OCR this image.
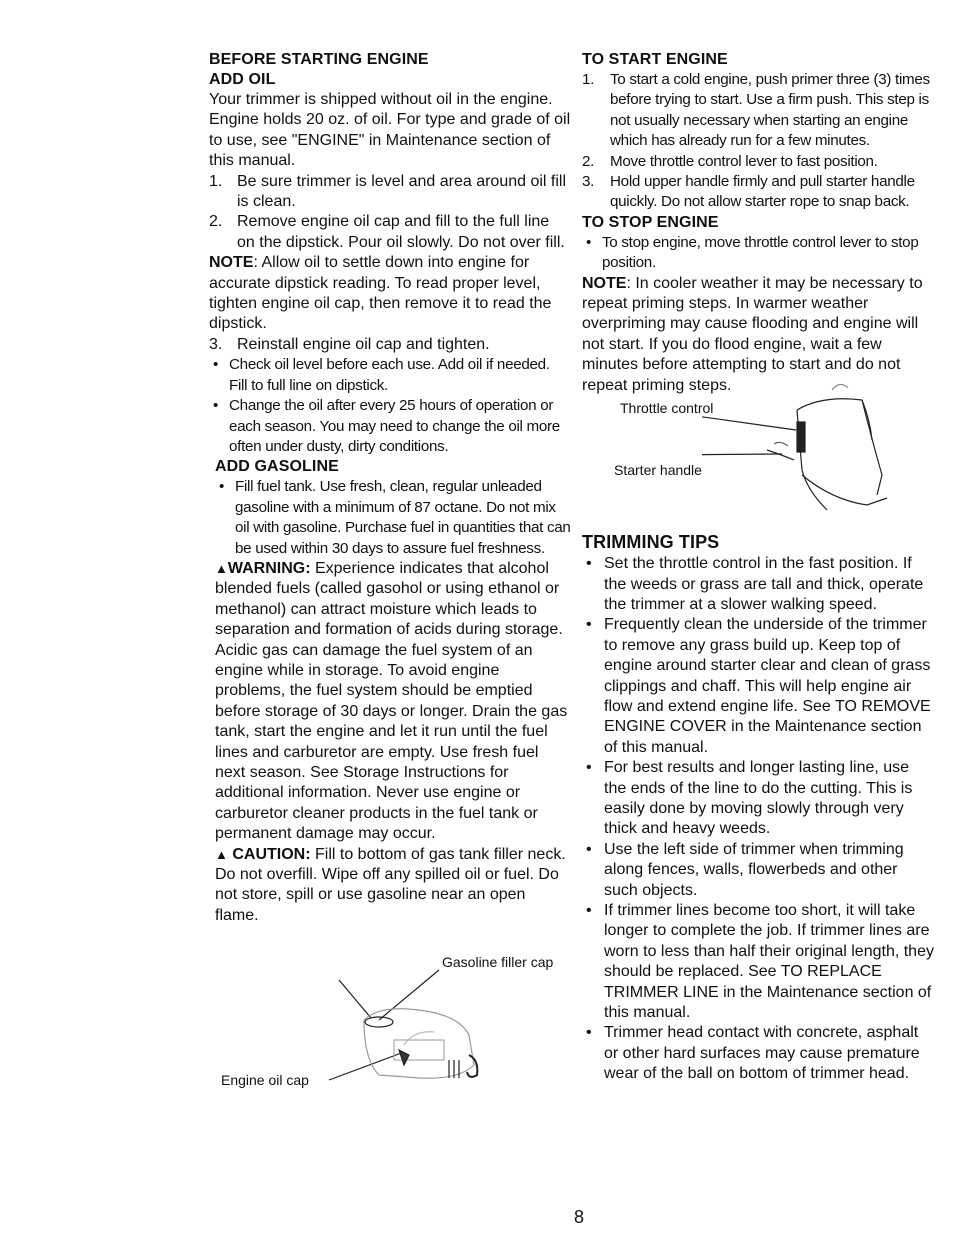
BEFORE STARTING ENGINE
ADD OIL

Your trimmer is shipped without oil in the engine. Engine holds 20 oz. of oil. For type and grade of oil to use, see "ENGINE" in Maintenance section of this manual.

1. Be sure trimmer is level and area around oil fill is clean.
2. Remove engine oil cap and fill to the full line on the dipstick. Pour oil slowly. Do not over fill.

NOTE: Allow oil to settle down into engine for accurate dipstick reading. To read proper level, tighten engine oil cap, then remove it to read the dipstick.

3. Reinstall engine oil cap and tighten.
• Check oil level before each use. Add oil if needed. Fill to full line on dipstick.
• Change the oil after every 25 hours of operation or each season. You may need to change the oil more often under dusty, dirty conditions.
ADD GASOLINE
• Fill fuel tank. Use fresh, clean, regular unleaded gasoline with a minimum of 87 octane. Do not mix oil with gasoline. Purchase fuel in quantities that can be used within 30 days to assure fuel freshness.

▲WARNING: Experience indicates that alcohol blended fuels (called gasohol or using ethanol or methanol) can attract moisture which leads to separation and formation of acids during storage. Acidic gas can damage the fuel system of an engine while in storage. To avoid engine problems, the fuel system should be emptied before storage of 30 days or longer. Drain the gas tank, start the engine and let it run until the fuel lines and carburetor are empty. Use fresh fuel next season. See Storage Instructions for additional information. Never use engine or carburetor cleaner products in the fuel tank or permanent damage may occur.

▲ CAUTION: Fill to bottom of gas tank filler neck. Do not overfill. Wipe off any spilled oil or fuel. Do not store, spill or use gasoline near an open flame.

Gasoline filler cap
Engine oil cap
TO START ENGINE
1. To start a cold engine, push primer three (3) times before trying to start. Use a firm push. This step is not usually necessary when starting an engine which has already run for a few minutes.
2. Move throttle control lever to fast position.
3. Hold upper handle firmly and pull starter handle quickly. Do not allow starter rope to snap back.
TO STOP ENGINE
• To stop engine, move throttle control lever to stop position.

NOTE: In cooler weather it may be necessary to repeat priming steps. In warmer weather overpriming may cause flooding and engine will not start. If you do flood engine, wait a few minutes before attempting to start and do not repeat priming steps.

Throttle control
Starter handle
TRIMMING TIPS
• Set the throttle control in the fast position. If the weeds or grass are tall and thick, operate the trimmer at a slower walking speed.
• Frequently clean the underside of the trimmer to remove any grass build up. Keep top of engine around starter clear and clean of grass clippings and chaff. This will help engine air flow and extend engine life. See TO REMOVE ENGINE COVER in the Maintenance section of this manual.
• For best results and longer lasting line, use the ends of the line to do the cutting. This is easily done by moving slowly through very thick and heavy weeds.
• Use the left side of trimmer when trimming along fences, walls, flowerbeds and other such objects.
• If trimmer lines become too short, it will take longer to complete the job. If trimmer lines are worn to less than half their original length, they should be replaced. See TO REPLACE TRIMMER LINE in the Maintenance section of this manual.
• Trimmer head contact with concrete, asphalt or other hard surfaces may cause premature wear of the ball on bottom of trimmer head.
8
